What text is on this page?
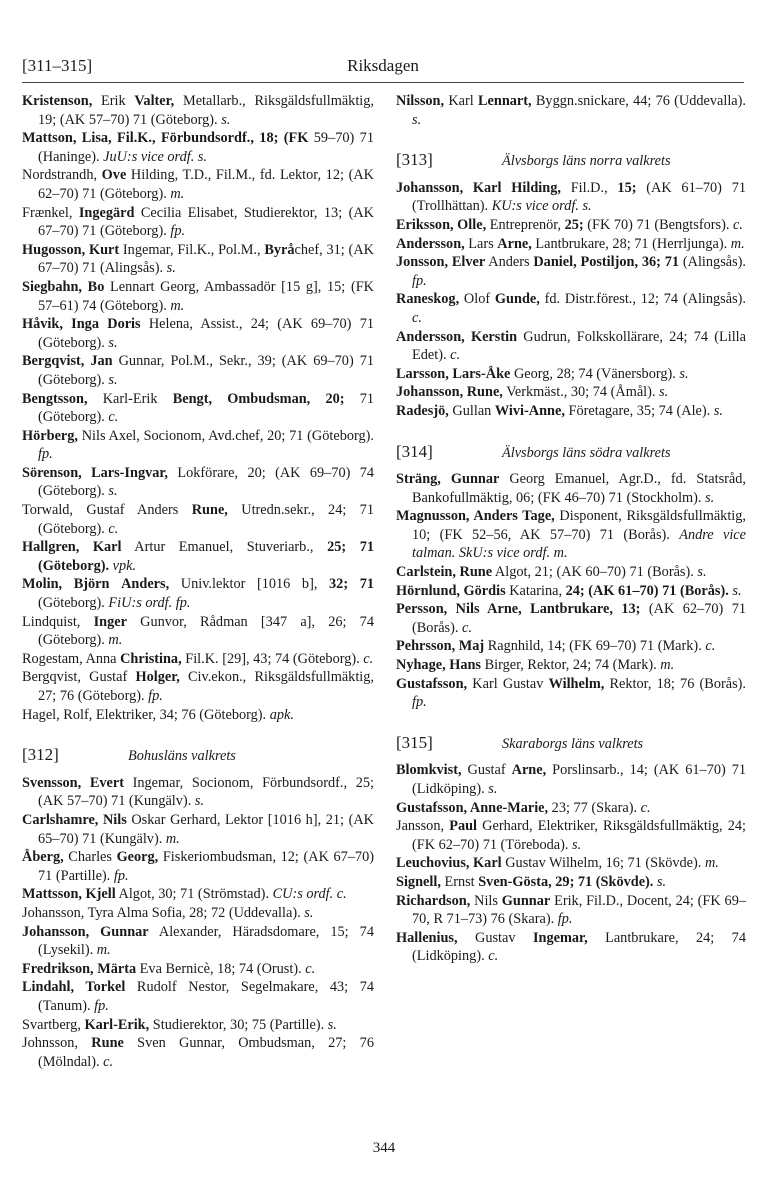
[311–315]	Riksdagen

Kristenson, Erik Valter, Metallarb., Riksgäldsfullmäktig, 19; (AK 57–70) 71 (Göteborg). s.

Mattson, Lisa, Fil.K., Förbundsordf., 18; (FK 59–70) 71 (Haninge). JuU:s vice ordf. s.

Nordstrandh, Ove Hilding, T.D., Fil.M., fd. Lektor, 12; (AK 62–70) 71 (Göteborg). m.

Frænkel, Ingegärd Cecilia Elisabet, Studierektor, 13; (AK 67–70) 71 (Göteborg). fp.

Hugosson, Kurt Ingemar, Fil.K., Pol.M., Byråchef, 31; (AK 67–70) 71 (Alingsås). s.

Siegbahn, Bo Lennart Georg, Ambassadör [15 g], 15; (FK 57–61) 74 (Göteborg). m.

Håvik, Inga Doris Helena, Assist., 24; (AK 69–70) 71 (Göteborg). s.

Bergqvist, Jan Gunnar, Pol.M., Sekr., 39; (AK 69–70) 71 (Göteborg). s.

Bengtsson, Karl-Erik Bengt, Ombudsman, 20; 71 (Göteborg). c.

Hörberg, Nils Axel, Socionom, Avd.chef, 20; 71 (Göteborg). fp.

Sörenson, Lars-Ingvar, Lokförare, 20; (AK 69–70) 74 (Göteborg). s.

Torwald, Gustaf Anders Rune, Utredn.sekr., 24; 71 (Göteborg). c.

Hallgren, Karl Artur Emanuel, Stuveriarb., 25; 71 (Göteborg). vpk.

Molin, Björn Anders, Univ.lektor [1016 b], 32; 71 (Göteborg). FiU:s ordf. fp.

Lindquist, Inger Gunvor, Rådman [347 a], 26; 74 (Göteborg). m.

Rogestam, Anna Christina, Fil.K. [29], 43; 74 (Göteborg). c.

Bergqvist, Gustaf Holger, Civ.ekon., Riksgäldsfullmäktig, 27; 76 (Göteborg). fp.

Hagel, Rolf, Elektriker, 34; 76 (Göteborg). apk.

[312]	Bohusläns valkrets

Svensson, Evert Ingemar, Socionom, Förbundsordf., 25; (AK 57–70) 71 (Kungälv). s.

Carlshamre, Nils Oskar Gerhard, Lektor [1016 h], 21; (AK 65–70) 71 (Kungälv). m.

Åberg, Charles Georg, Fiskeriombudsman, 12; (AK 67–70) 71 (Partille). fp.

Mattsson, Kjell Algot, 30; 71 (Strömstad). CU:s ordf. c.

Johansson, Tyra Alma Sofia, 28; 72 (Uddevalla). s.

Johansson, Gunnar Alexander, Häradsdomare, 15; 74 (Lysekil). m.

Fredrikson, Märta Eva Bernicè, 18; 74 (Orust). c.

Lindahl, Torkel Rudolf Nestor, Segelmakare, 43; 74 (Tanum). fp.

Svartberg, Karl-Erik, Studierektor, 30; 75 (Partille). s.

Johnsson, Rune Sven Gunnar, Ombudsman, 27; 76 (Mölndal). c.

Nilsson, Karl Lennart, Byggn.snickare, 44; 76 (Uddevalla). s.

[313]	Älvsborgs läns norra valkrets

Johansson, Karl Hilding, Fil.D., 15; (AK 61–70) 71 (Trollhättan). KU:s vice ordf. s.

Eriksson, Olle, Entreprenör, 25; (FK 70) 71 (Bengtsfors). c.

Andersson, Lars Arne, Lantbrukare, 28; 71 (Herrljunga). m.

Jonsson, Elver Anders Daniel, Postiljon, 36; 71 (Alingsås). fp.

Raneskog, Olof Gunde, fd. Distr.förest., 12; 74 (Alingsås). c.

Andersson, Kerstin Gudrun, Folkskollärare, 24; 74 (Lilla Edet). c.

Larsson, Lars-Åke Georg, 28; 74 (Vänersborg). s.

Johansson, Rune, Verkmäst., 30; 74 (Åmål). s.

Radesjö, Gullan Wivi-Anne, Företagare, 35; 74 (Ale). s.

[314]	Älvsborgs läns södra valkrets

Sträng, Gunnar Georg Emanuel, Agr.D., fd. Statsråd, Bankofullmäktig, 06; (FK 46–70) 71 (Stockholm). s.

Magnusson, Anders Tage, Disponent, Riksgäldsfullmäktig, 10; (FK 52–56, AK 57–70) 71 (Borås). Andre vice talman. SkU:s vice ordf. m.

Carlstein, Rune Algot, 21; (AK 60–70) 71 (Borås). s.

Hörnlund, Gördis Katarina, 24; (AK 61–70) 71 (Borås). s.

Persson, Nils Arne, Lantbrukare, 13; (AK 62–70) 71 (Borås). c.

Pehrsson, Maj Ragnhild, 14; (FK 69–70) 71 (Mark). c.

Nyhage, Hans Birger, Rektor, 24; 74 (Mark). m.

Gustafsson, Karl Gustav Wilhelm, Rektor, 18; 76 (Borås). fp.

[315]	Skaraborgs läns valkrets

Blomkvist, Gustaf Arne, Porslinsarb., 14; (AK 61–70) 71 (Lidköping). s.

Gustafsson, Anne-Marie, 23; 77 (Skara). c.

Jansson, Paul Gerhard, Elektriker, Riksgäldsfullmäktig, 24; (FK 62–70) 71 (Töreboda). s.

Leuchovius, Karl Gustav Wilhelm, 16; 71 (Skövde). m.

Signell, Ernst Sven-Gösta, 29; 71 (Skövde). s.

Richardson, Nils Gunnar Erik, Fil.D., Docent, 24; (FK 69–70, R 71–73) 76 (Skara). fp.

Hallenius, Gustav Ingemar, Lantbrukare, 24; 74 (Lidköping). c.

344
